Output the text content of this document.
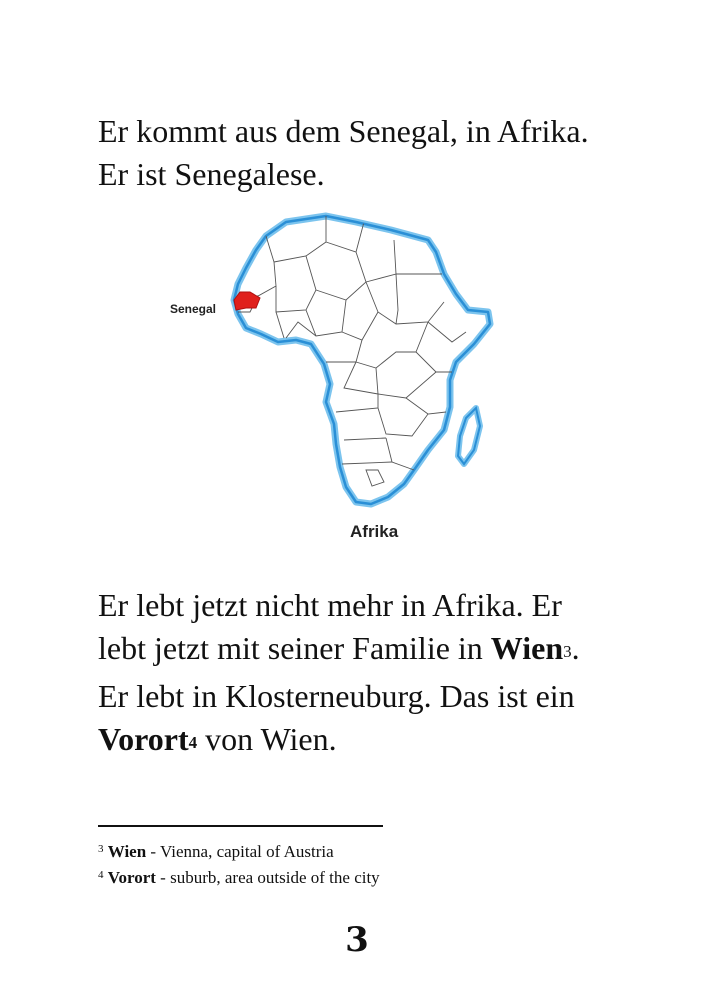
Er kommt aus dem Senegal, in Afrika.
Er ist Senegalese.
Senegal
Afrika
Er lebt jetzt nicht mehr in Afrika. Er
lebt jetzt mit seiner Familie in Wien$^3$.
Er lebt in Klosterneuburg. Das ist ein
Vorort$^4$ von Wien.
$^3$ Wien - Vienna, capital of Austria
$^4$ Vorort - suburb, area outside of the city
3
